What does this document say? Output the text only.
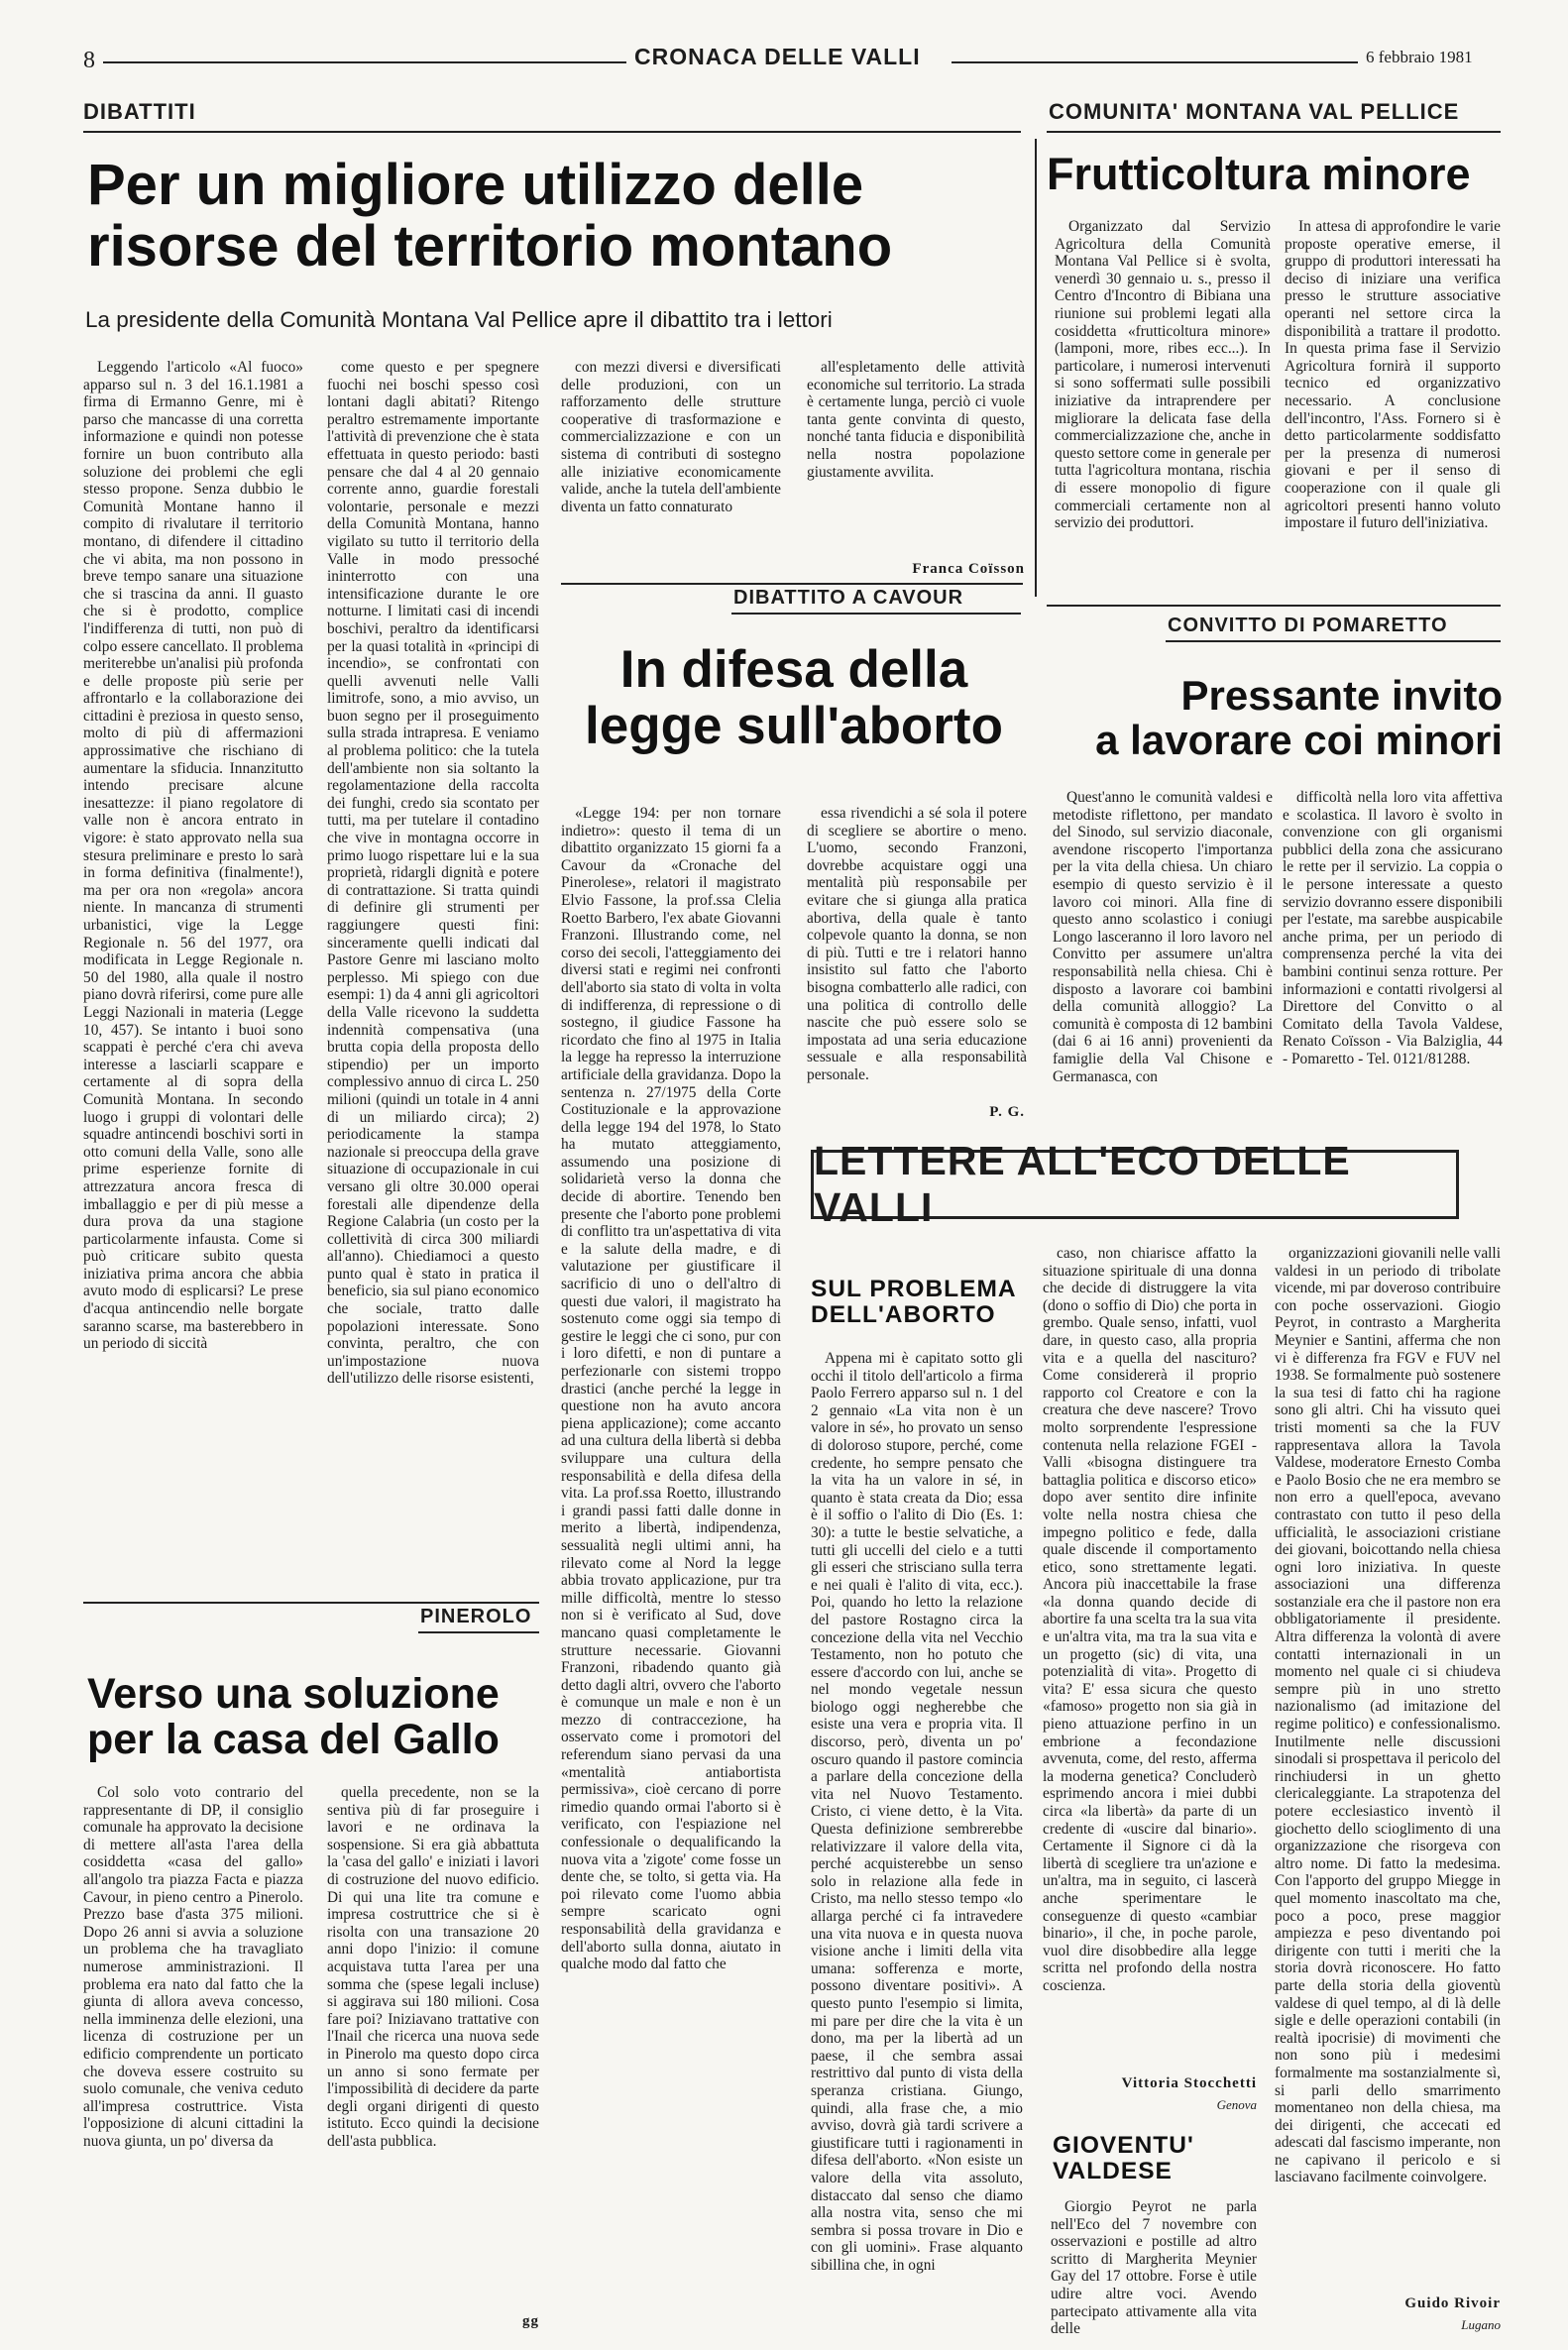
8	CRONACA DELLE VALLI	6 febbraio 1981
DIBATTITI	COMUNITA' MONTANA VAL PELLICE
Per un migliore utilizzo delle
risorse del territorio montano
La presidente della Comunità Montana Val Pellice apre il dibattito tra i lettori

Leggendo l'articolo «Al fuoco» apparso sul n. 3 del 16.1.1981 a firma di Ermanno Genre, mi è parso che mancasse di una corretta informazione e quindi non potesse fornire un buon contributo alla soluzione dei problemi che egli stesso propone. Senza dubbio le Comunità Montane hanno il compito di rivalutare il territorio montano, di difendere il cittadino che vi abita, ma non possono in breve tempo sanare una situazione che si trascina da anni. Il guasto che si è prodotto, complice l'indifferenza di tutti, non può di colpo essere cancellato. Il problema meriterebbe un'analisi più profonda e delle proposte più serie per affrontarlo e la collaborazione dei cittadini è preziosa in questo senso, molto di più di affermazioni approssimative che rischiano di aumentare la sfiducia. Innanzitutto intendo precisare alcune inesattezze: il piano regolatore di valle non è ancora entrato in vigore: è stato approvato nella sua stesura preliminare e presto lo sarà in forma definitiva (finalmente!), ma per ora non «regola» ancora niente. In mancanza di strumenti urbanistici, vige la Legge Regionale n. 56 del 1977, ora modificata in Legge Regionale n. 50 del 1980, alla quale il nostro piano dovrà riferirsi, come pure alle Leggi Nazionali in materia (Legge 10, 457). Se intanto i buoi sono scappati è perché c'era chi aveva interesse a lasciarli scappare e certamente al di sopra della Comunità Montana. In secondo luogo i gruppi di volontari delle squadre antincendi boschivi sorti in otto comuni della Valle, sono alle prime esperienze fornite di attrezzatura ancora fresca di imballaggio e per di più messe a dura prova da una stagione particolarmente infausta. Come si può criticare subito questa iniziativa prima ancora che abbia avuto modo di esplicarsi? Le prese d'acqua antincendio nelle borgate saranno scarse, ma basterebbero in un periodo di siccità

come questo e per spegnere fuochi nei boschi spesso così lontani dagli abitati? Ritengo peraltro estremamente importante l'attività di prevenzione che è stata effettuata in questo periodo: basti pensare che dal 4 al 20 gennaio corrente anno, guardie forestali volontarie, personale e mezzi della Comunità Montana, hanno vigilato su tutto il territorio della Valle in modo pressoché ininterrotto con una intensificazione durante le ore notturne. I limitati casi di incendi boschivi, peraltro da identificarsi per la quasi totalità in «principi di incendio», se confrontati con quelli avvenuti nelle Valli limitrofe, sono, a mio avviso, un buon segno per il proseguimento sulla strada intrapresa. E veniamo al problema politico: che la tutela dell'ambiente non sia soltanto la regolamentazione della raccolta dei funghi, credo sia scontato per tutti, ma per tutelare il contadino che vive in montagna occorre in primo luogo rispettare lui e la sua proprietà, ridargli dignità e potere di contrattazione. Si tratta quindi di definire gli strumenti per raggiungere questi fini: sinceramente quelli indicati dal Pastore Genre mi lasciano molto perplesso. Mi spiego con due esempi: 1) da 4 anni gli agricoltori della Valle ricevono la suddetta indennità compensativa (una brutta copia della proposta dello stipendio) per un importo complessivo annuo di circa L. 250 milioni (quindi un totale in 4 anni di un miliardo circa); 2) periodicamente la stampa nazionale si preoccupa della grave situazione di occupazionale in cui versano gli oltre 30.000 operai forestali alle dipendenze della Regione Calabria (un costo per la collettività di circa 300 miliardi all'anno). Chiediamoci a questo punto qual è stato in pratica il beneficio, sia sul piano economico che sociale, tratto dalle popolazioni interessate. Sono convinta, peraltro, che con un'impostazione nuova dell'utilizzo delle risorse esistenti,

con mezzi diversi e diversificati delle produzioni, con un rafforzamento delle strutture cooperative di trasformazione e commercializzazione e con un sistema di contributi di sostegno alle iniziative economicamente valide, anche la tutela dell'ambiente diventa un fatto connaturato

all'espletamento delle attività economiche sul territorio. La strada è certamente lunga, perciò ci vuole tanta gente convinta di questo, nonché tanta fiducia e disponibilità nella nostra popolazione giustamente avvilita.

Franca Coïsson
Frutticoltura minore

Organizzato dal Servizio Agricoltura della Comunità Montana Val Pellice si è svolta, venerdì 30 gennaio u. s., presso il Centro d'Incontro di Bibiana una riunione sui problemi legati alla cosiddetta «frutticoltura minore» (lamponi, more, ribes ecc...). In particolare, i numerosi intervenuti si sono soffermati sulle possibili iniziative da intraprendere per migliorare la delicata fase della commercializzazione che, anche in questo settore come in generale per tutta l'agricoltura montana, rischia di essere monopolio di figure commerciali certamente non al servizio dei produttori.

In attesa di approfondire le varie proposte operative emerse, il gruppo di produttori interessati ha deciso di iniziare una verifica presso le strutture associative operanti nel settore circa la disponibilità a trattare il prodotto. In questa prima fase il Servizio Agricoltura fornirà il supporto tecnico ed organizzativo necessario. A conclusione dell'incontro, l'Ass. Fornero si è detto particolarmente soddisfatto per la presenza di numerosi giovani e per il senso di cooperazione con il quale gli agricoltori presenti hanno voluto impostare il futuro dell'iniziativa.

DIBATTITO A CAVOUR
In difesa della
legge sull'aborto

«Legge 194: per non tornare indietro»: questo il tema di un dibattito organizzato 15 giorni fa a Cavour da «Cronache del Pinerolese», relatori il magistrato Elvio Fassone, la prof.ssa Clelia Roetto Barbero, l'ex abate Giovanni Franzoni. Illustrando come, nel corso dei secoli, l'atteggiamento dei diversi stati e regimi nei confronti dell'aborto sia stato di volta in volta di indifferenza, di repressione o di sostegno, il giudice Fassone ha ricordato che fino al 1975 in Italia la legge ha represso la interruzione artificiale della gravidanza. Dopo la sentenza n. 27/1975 della Corte Costituzionale e la approvazione della legge 194 del 1978, lo Stato ha mutato atteggiamento, assumendo una posizione di solidarietà verso la donna che decide di abortire. Tenendo ben presente che l'aborto pone problemi di conflitto tra un'aspettativa di vita e la salute della madre, e di valutazione per giustificare il sacrificio di uno o dell'altro di questi due valori, il magistrato ha sostenuto come oggi sia tempo di gestire le leggi che ci sono, pur con i loro difetti, e non di puntare a perfezionarle con sistemi troppo drastici (anche perché la legge in questione non ha avuto ancora piena applicazione); come accanto ad una cultura della libertà si debba sviluppare una cultura della responsabilità e della difesa della vita. La prof.ssa Roetto, illustrando i grandi passi fatti dalle donne in merito a libertà, indipendenza, sessualità negli ultimi anni, ha rilevato come al Nord la legge abbia trovato applicazione, pur tra mille difficoltà, mentre lo stesso non si è verificato al Sud, dove mancano quasi completamente le strutture necessarie. Giovanni Franzoni, ribadendo quanto già detto dagli altri, ovvero che l'aborto è comunque un male e non è un mezzo di contraccezione, ha osservato come i promotori del referendum siano pervasi da una «mentalità antiabortista permissiva», cioè cercano di porre rimedio quando ormai l'aborto si è verificato, con l'espiazione nel confessionale o dequalificando la nuova vita a 'zigote' come fosse un dente che, se tolto, si getta via. Ha poi rilevato come l'uomo abbia sempre scaricato ogni responsabilità della gravidanza e dell'aborto sulla donna, aiutato in qualche modo dal fatto che

essa rivendichi a sé sola il potere di scegliere se abortire o meno. L'uomo, secondo Franzoni, dovrebbe acquistare oggi una mentalità più responsabile per evitare che si giunga alla pratica abortiva, della quale è tanto colpevole quanto la donna, se non di più. Tutti e tre i relatori hanno insistito sul fatto che l'aborto bisogna combatterlo alle radici, con una politica di controllo delle nascite che può essere solo se impostata ad una seria educazione sessuale e alla responsabilità personale.

P. G.
CONVITTO DI POMARETTO
Pressante invito
a lavorare coi minori

Quest'anno le comunità valdesi e metodiste riflettono, per mandato del Sinodo, sul servizio diaconale, avendone riscoperto l'importanza per la vita della chiesa. Un chiaro esempio di questo servizio è il lavoro coi minori. Alla fine di questo anno scolastico i coniugi Longo lasceranno il loro lavoro nel Convitto per assumere un'altra responsabilità nella chiesa. Chi è disposto a lavorare coi bambini della comunità alloggio? La comunità è composta di 12 bambini (dai 6 ai 16 anni) provenienti da famiglie della Val Chisone e Germanasca, con

difficoltà nella loro vita affettiva e scolastica. Il lavoro è svolto in convenzione con gli organismi pubblici della zona che assicurano le rette per il servizio. La coppia o le persone interessate a questo servizio dovranno essere disponibili per l'estate, ma sarebbe auspicabile anche prima, per un periodo di comprensenza perché la vita dei bambini continui senza rotture. Per informazioni e contatti rivolgersi al Direttore del Convitto o al Comitato della Tavola Valdese, Renato Coïsson - Via Balziglia, 44 - Pomaretto - Tel. 0121/81288.

LETTERE ALL'ECO DELLE VALLI
SUL PROBLEMA
DELL'ABORTO

Appena mi è capitato sotto gli occhi il titolo dell'articolo a firma Paolo Ferrero apparso sul n. 1 del 2 gennaio «La vita non è un valore in sé», ho provato un senso di doloroso stupore, perché, come credente, ho sempre pensato che la vita ha un valore in sé, in quanto è stata creata da Dio; essa è il soffio o l'alito di Dio (Es. 1: 30): a tutte le bestie selvatiche, a tutti gli uccelli del cielo e a tutti gli esseri che strisciano sulla terra e nei quali è l'alito di vita, ecc.). Poi, quando ho letto la relazione del pastore Rostagno circa la concezione della vita nel Vecchio Testamento, non ho potuto che essere d'accordo con lui, anche se nel mondo vegetale nessun biologo oggi negherebbe che esiste una vera e propria vita. Il discorso, però, diventa un po' oscuro quando il pastore comincia a parlare della concezione della vita nel Nuovo Testamento. Cristo, ci viene detto, è la Vita. Questa definizione sembrerebbe relativizzare il valore della vita, perché acquisterebbe un senso solo in relazione alla fede in Cristo, ma nello stesso tempo «lo allarga perché ci fa intravedere una vita nuova e in questa nuova visione anche i limiti della vita umana: sofferenza e morte, possono diventare positivi». A questo punto l'esempio si limita, mi pare per dire che la vita è un dono, ma per la libertà ad un paese, il che sembra assai restrittivo dal punto di vista della speranza cristiana. Giungo, quindi, alla frase che, a mio avviso, dovrà già tardi scrivere a giustificare tutti i ragionamenti in difesa dell'aborto. «Non esiste un valore della vita assoluto, distaccato dal senso che diamo alla nostra vita, senso che mi sembra si possa trovare in Dio e con gli uomini». Frase alquanto sibillina che, in ogni

caso, non chiarisce affatto la situazione spirituale di una donna che decide di distruggere la vita (dono o soffio di Dio) che porta in grembo. Quale senso, infatti, vuol dare, in questo caso, alla propria vita e a quella del nascituro? Come considererà il proprio rapporto col Creatore e con la creatura che deve nascere? Trovo molto sorprendente l'espressione contenuta nella relazione FGEI - Valli «bisogna distinguere tra battaglia politica e discorso etico» dopo aver sentito dire infinite volte nella nostra chiesa che impegno politico e fede, dalla quale discende il comportamento etico, sono strettamente legati. Ancora più inaccettabile la frase «la donna quando decide di abortire fa una scelta tra la sua vita e un'altra vita, ma tra la sua vita e un progetto (sic) di vita, una potenzialità di vita». Progetto di vita? E' essa sicura che questo «famoso» progetto non sia già in pieno attuazione perfino in un embrione a fecondazione avvenuta, come, del resto, afferma la moderna genetica? Concluderò esprimendo ancora i miei dubbi circa «la libertà» da parte di un credente di «uscire dal binario». Certamente il Signore ci dà la libertà di scegliere tra un'azione e un'altra, ma in seguito, ci lascerà anche sperimentare le conseguenze di questo «cambiar binario», il che, in poche parole, vuol dire disobbedire alla legge scritta nel profondo della nostra coscienza.

Vittoria Stocchetti
Genova
GIOVENTU'
VALDESE

Giorgio Peyrot ne parla nell'Eco del 7 novembre con osservazioni e postille ad altro scritto di Margherita Meynier Gay del 17 ottobre. Forse è utile udire altre voci. Avendo partecipato attivamente alla vita delle

organizzazioni giovanili nelle valli valdesi in un periodo di tribolate vicende, mi par doveroso contribuire con poche osservazioni. Giogio Peyrot, in contrasto a Margherita Meynier e Santini, afferma che non vi è differenza fra FGV e FUV nel 1938. Se formalmente può sostenere la sua tesi di fatto chi ha ragione sono gli altri. Chi ha vissuto quei tristi momenti sa che la FUV rappresentava allora la Tavola Valdese, moderatore Ernesto Comba e Paolo Bosio che ne era membro se non erro a quell'epoca, avevano contrastato con tutto il peso della ufficialità, le associazioni cristiane dei giovani, boicottando nella chiesa ogni loro iniziativa. In queste associazioni una differenza sostanziale era che il pastore non era obbligatoriamente il presidente. Altra differenza la volontà di avere contatti internazionali in un momento nel quale ci si chiudeva sempre più in uno stretto nazionalismo (ad imitazione del regime politico) e confessionalismo. Inutilmente nelle discussioni sinodali si prospettava il pericolo del rinchiudersi in un ghetto clericaleggiante. La strapotenza del potere ecclesiastico inventò il giochetto dello scioglimento di una organizzazione che risorgeva con altro nome. Di fatto la medesima. Con l'apporto del gruppo Miegge in quel momento inascoltato ma che, poco a poco, prese maggior ampiezza e peso diventando poi dirigente con tutti i meriti che la storia dovrà riconoscere. Ho fatto parte della storia della gioventù valdese di quel tempo, al di là delle sigle e delle operazioni contabili (in realtà ipocrisie) di movimenti che non sono più i medesimi formalmente ma sostanzialmente sì, si parli dello smarrimento momentaneo non della chiesa, ma dei dirigenti, che accecati ed adescati dal fascismo imperante, non ne capivano il pericolo e si lasciavano facilmente coinvolgere.

Guido Rivoir
Lugano
PINEROLO
Verso una soluzione
per la casa del Gallo

Col solo voto contrario del rappresentante di DP, il consiglio comunale ha approvato la decisione di mettere all'asta l'area della cosiddetta «casa del gallo» all'angolo tra piazza Facta e piazza Cavour, in pieno centro a Pinerolo. Prezzo base d'asta 375 milioni. Dopo 26 anni si avvia a soluzione un problema che ha travagliato numerose amministrazioni. Il problema era nato dal fatto che la giunta di allora aveva concesso, nella imminenza delle elezioni, una licenza di costruzione per un edificio comprendente un porticato che doveva essere costruito su suolo comunale, che veniva ceduto all'impresa costruttrice. Vista l'opposizione di alcuni cittadini la nuova giunta, un po' diversa da

quella precedente, non se la sentiva più di far proseguire i lavori e ne ordinava la sospensione. Si era già abbattuta la 'casa del gallo' e iniziati i lavori di costruzione del nuovo edificio. Di qui una lite tra comune e impresa costruttrice che si è risolta con una transazione 20 anni dopo l'inizio: il comune acquistava tutta l'area per una somma che (spese legali incluse) si aggirava sui 180 milioni. Cosa fare poi? Iniziavano trattative con l'Inail che ricerca una nuova sede in Pinerolo ma questo dopo circa un anno si sono fermate per l'impossibilità di decidere da parte degli organi dirigenti di questo istituto. Ecco quindi la decisione dell'asta pubblica.

gg
